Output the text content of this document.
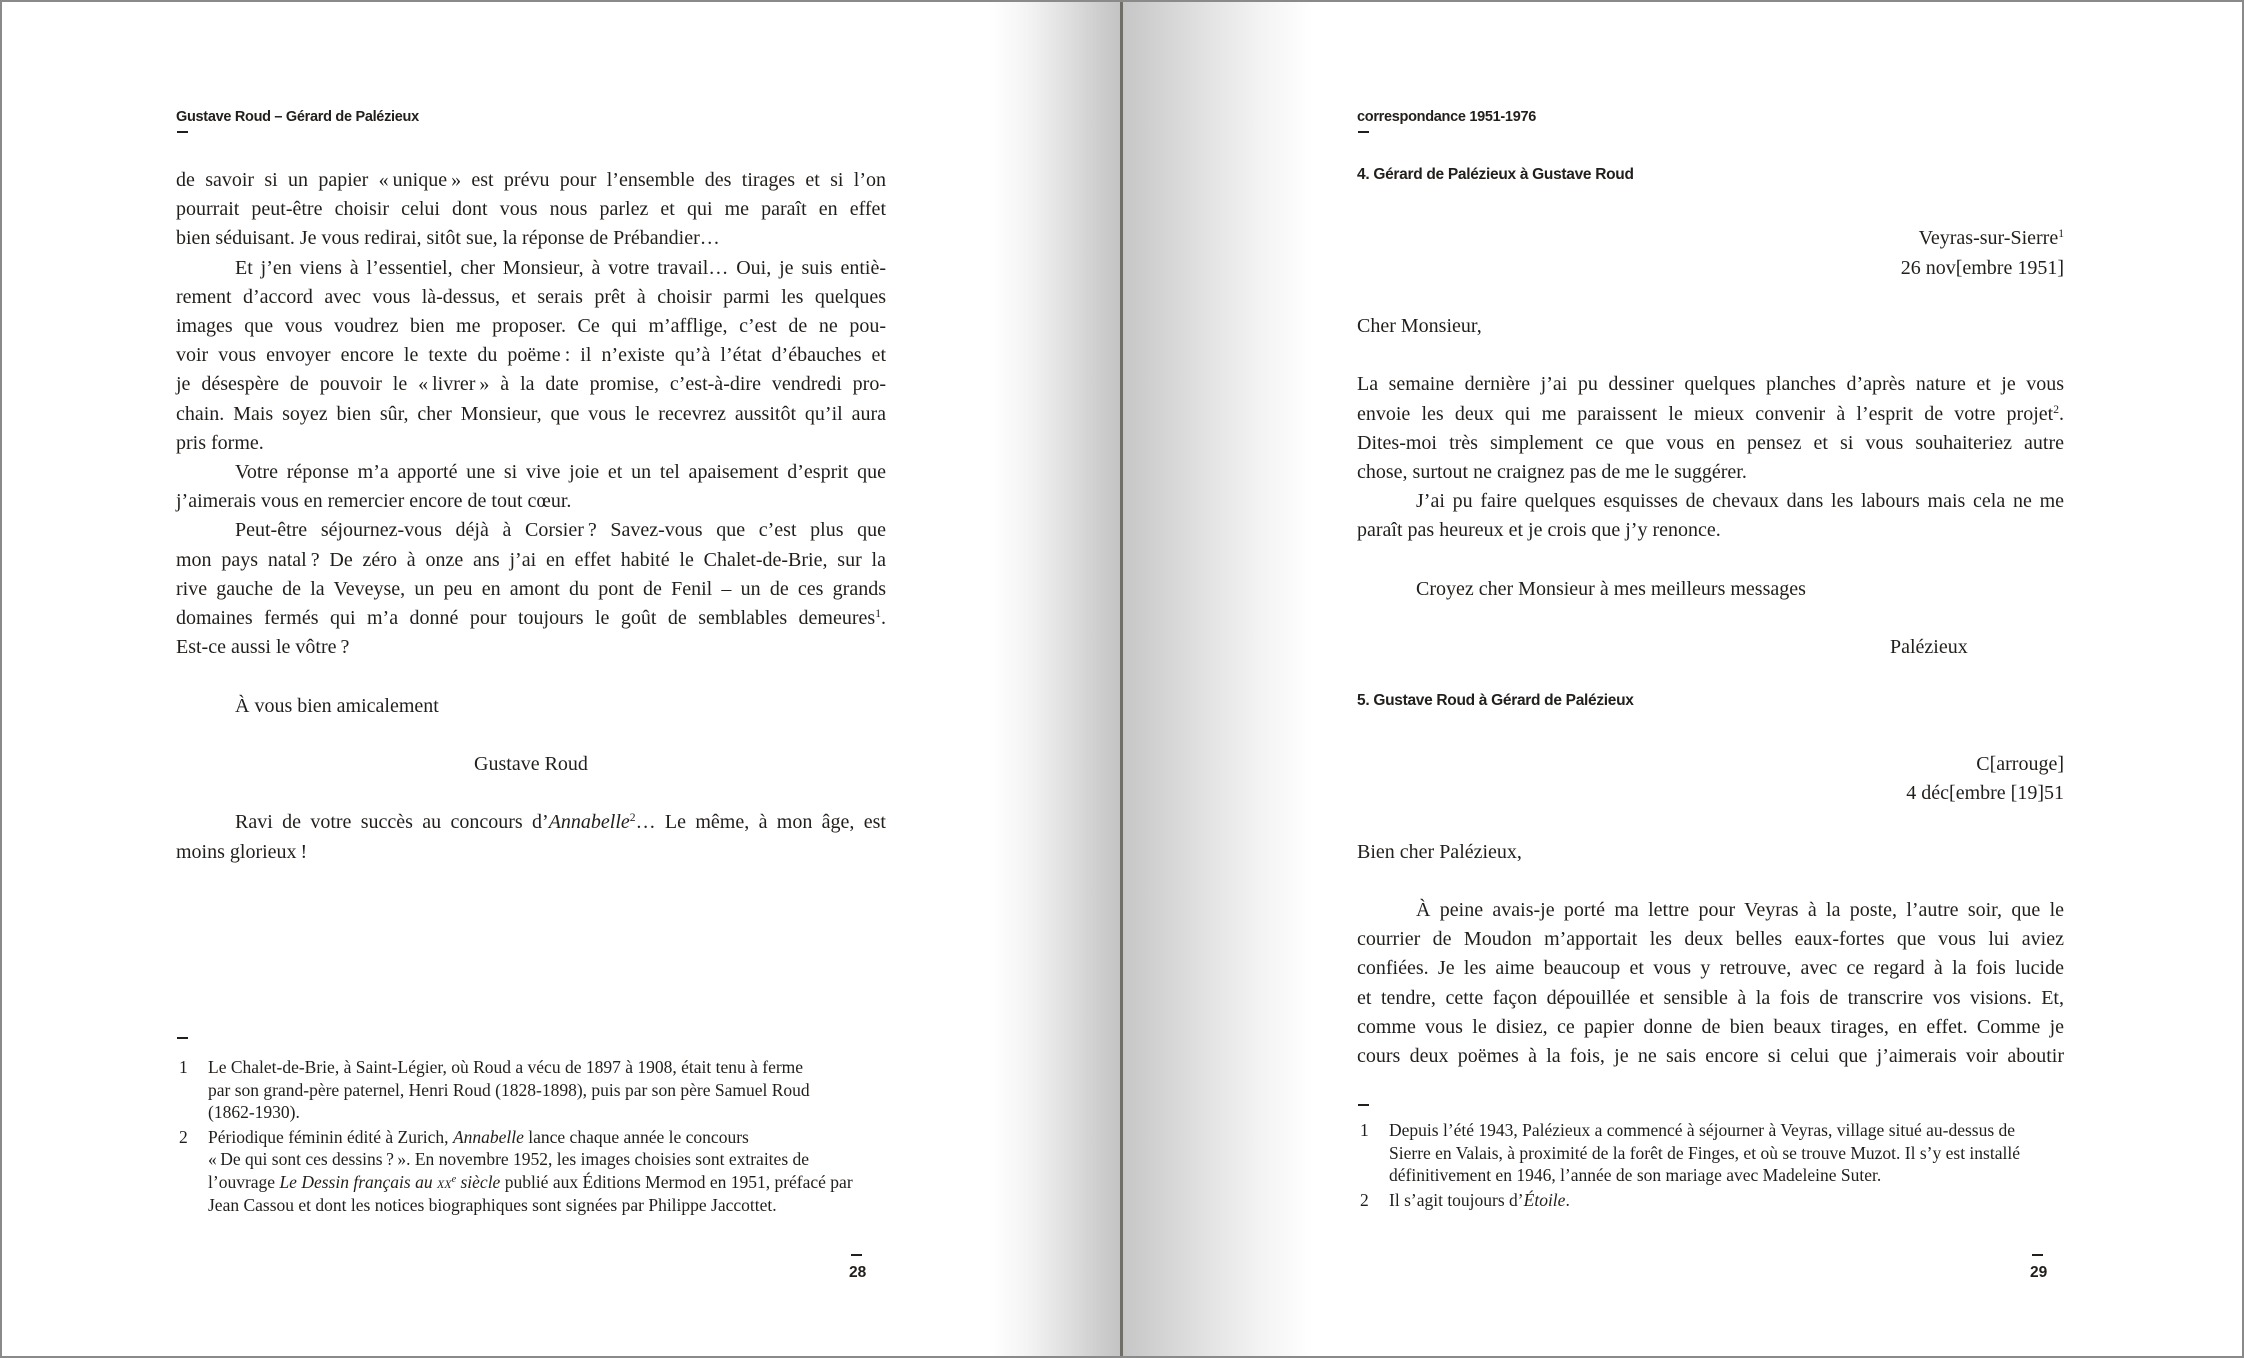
Gustave Roud – Gérard de Palézieux
de savoir si un papier « unique » est prévu pour l’ensemble des tirages et si l’on
pourrait peut-être choisir celui dont vous nous parlez et qui me paraît en effet
bien séduisant. Je vous redirai, sitôt sue, la réponse de Prébandier…
Et j’en viens à l’essentiel, cher Monsieur, à votre travail… Oui, je suis entiè-
rement d’accord avec vous là-dessus, et serais prêt à choisir parmi les quelques
images que vous voudrez bien me proposer. Ce qui m’afflige, c’est de ne pou-
voir vous envoyer encore le texte du poëme : il n’existe qu’à l’état d’ébauches et
je désespère de pouvoir le « livrer » à la date promise, c’est-à-dire vendredi pro-
chain. Mais soyez bien sûr, cher Monsieur, que vous le recevrez aussitôt qu’il aura
pris forme.
Votre réponse m’a apporté une si vive joie et un tel apaisement d’esprit que
j’aimerais vous en remercier encore de tout cœur.
Peut-être séjournez-vous déjà à Corsier ? Savez-vous que c’est plus que
mon pays natal ? De zéro à onze ans j’ai en effet habité le Chalet-de-Brie, sur la
rive gauche de la Veveyse, un peu en amont du pont de Fenil – un de ces grands
domaines fermés qui m’a donné pour toujours le goût de semblables demeures$^1$.
Est-ce aussi le vôtre ?
À vous bien amicalement
Gustave Roud
Ravi de votre succès au concours d’Annabelle$^2$… Le même, à mon âge, est
moins glorieux !
1	Le Chalet-de-Brie, à Saint-Légier, où Roud a vécu de 1897 à 1908, était tenu à ferme
par son grand-père paternel, Henri Roud (1828-1898), puis par son père Samuel Roud
(1862-1930).
2	Périodique féminin édité à Zurich, Annabelle lance chaque année le concours
« De qui sont ces dessins ? ». En novembre 1952, les images choisies sont extraites de
l’ouvrage Le Dessin français au $xx^e$ siècle publié aux Éditions Mermod en 1951, préfacé par
Jean Cassou et dont les notices biographiques sont signées par Philippe Jaccottet.
28
correspondance 1951-1976
4. Gérard de Palézieux à Gustave Roud
Veyras-sur-Sierre$^1$
26 nov[embre 1951]
Cher Monsieur,
La semaine dernière j’ai pu dessiner quelques planches d’après nature et je vous
envoie les deux qui me paraissent le mieux convenir à l’esprit de votre projet$^2$.
Dites-moi très simplement ce que vous en pensez et si vous souhaiteriez autre
chose, surtout ne craignez pas de me le suggérer.
J’ai pu faire quelques esquisses de chevaux dans les labours mais cela ne me
paraît pas heureux et je crois que j’y renonce.
Croyez cher Monsieur à mes meilleurs messages
Palézieux
5. Gustave Roud à Gérard de Palézieux
C[arrouge]
4 déc[embre [19]51
Bien cher Palézieux,
À peine avais-je porté ma lettre pour Veyras à la poste, l’autre soir, que le
courrier de Moudon m’apportait les deux belles eaux-fortes que vous lui aviez
confiées. Je les aime beaucoup et vous y retrouve, avec ce regard à la fois lucide
et tendre, cette façon dépouillée et sensible à la fois de transcrire vos visions. Et,
comme vous le disiez, ce papier donne de bien beaux tirages, en effet. Comme je
cours deux poëmes à la fois, je ne sais encore si celui que j’aimerais voir aboutir
1	Depuis l’été 1943, Palézieux a commencé à séjourner à Veyras, village situé au-dessus de
Sierre en Valais, à proximité de la forêt de Finges, et où se trouve Muzot. Il s’y est installé
définitivement en 1946, l’année de son mariage avec Madeleine Suter.
2	Il s’agit toujours d’Étoile.
29
